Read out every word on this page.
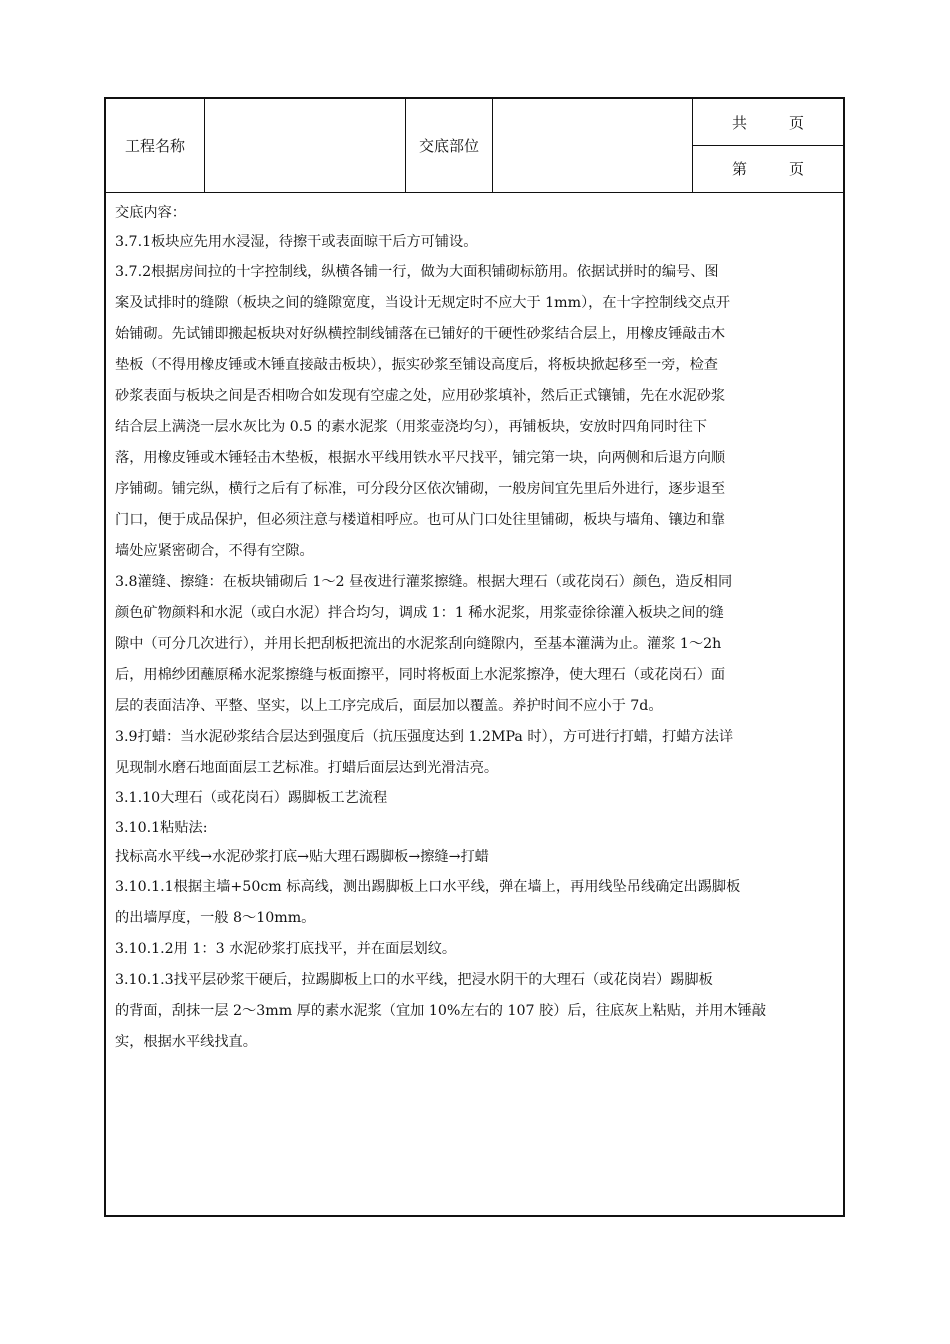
工程名称	交底部位
共	页
第	页
交底内容：
3.7.1板块应先用水浸湿，待擦干或表面晾干后方可铺设。
3.7.2根据房间拉的十字控制线，纵横各铺一行，做为大面积铺砌标筋用。依据试拼时的编号、图
案及试排时的缝隙（板块之间的缝隙宽度，当设计无规定时不应大于 1mm），在十字控制线交点开
始铺砌。先试铺即搬起板块对好纵横控制线铺落在已铺好的干硬性砂浆结合层上，用橡皮锤敲击木
垫板（不得用橡皮锤或木锤直接敲击板块），振实砂浆至铺设高度后，将板块掀起移至一旁，检查
砂浆表面与板块之间是否相吻合如发现有空虚之处，应用砂浆填补，然后正式镶铺，先在水泥砂浆
结合层上满浇一层水灰比为 0.5 的素水泥浆（用浆壶浇均匀），再铺板块，安放时四角同时往下
落，用橡皮锤或木锤轻击木垫板，根据水平线用铁水平尺找平，铺完第一块，向两侧和后退方向顺
序铺砌。铺完纵，横行之后有了标准，可分段分区依次铺砌，一般房间宜先里后外进行，逐步退至
门口，便于成品保护，但必须注意与楼道相呼应。也可从门口处往里铺砌，板块与墙角、镶边和靠
墙处应紧密砌合，不得有空隙。
3.8灌缝、擦缝：在板块铺砌后 1～2 昼夜进行灌浆擦缝。根据大理石（或花岗石）颜色，造反相同
颜色矿物颜料和水泥（或白水泥）拌合均匀，调成 1：1 稀水泥浆，用浆壶徐徐灌入板块之间的缝
隙中（可分几次进行），并用长把刮板把流出的水泥浆刮向缝隙内，至基本灌满为止。灌浆 1～2h
后，用棉纱团蘸原稀水泥浆擦缝与板面擦平，同时将板面上水泥浆擦净，使大理石（或花岗石）面
层的表面洁净、平整、坚实，以上工序完成后，面层加以覆盖。养护时间不应小于 7d。
3.9打蜡：当水泥砂浆结合层达到强度后（抗压强度达到 1.2MPa 时），方可进行打蜡，打蜡方法详
见现制水磨石地面面层工艺标准。打蜡后面层达到光滑洁亮。
3.1.10大理石（或花岗石）踢脚板工艺流程
3.10.1粘贴法:
找标高水平线→水泥砂浆打底→贴大理石踢脚板→擦缝→打蜡
3.10.1.1根据主墙+50cm 标高线，测出踢脚板上口水平线，弹在墙上，再用线坠吊线确定出踢脚板
的出墙厚度，一般 8～10mm。
3.10.1.2用 1：3 水泥砂浆打底找平，并在面层划纹。
3.10.1.3找平层砂浆干硬后，拉踢脚板上口的水平线，把浸水阴干的大理石（或花岗岩）踢脚板
的背面，刮抹一层 2～3mm 厚的素水泥浆（宜加 10%左右的 107 胶）后，往底灰上粘贴，并用木锤敲
实，根据水平线找直。
